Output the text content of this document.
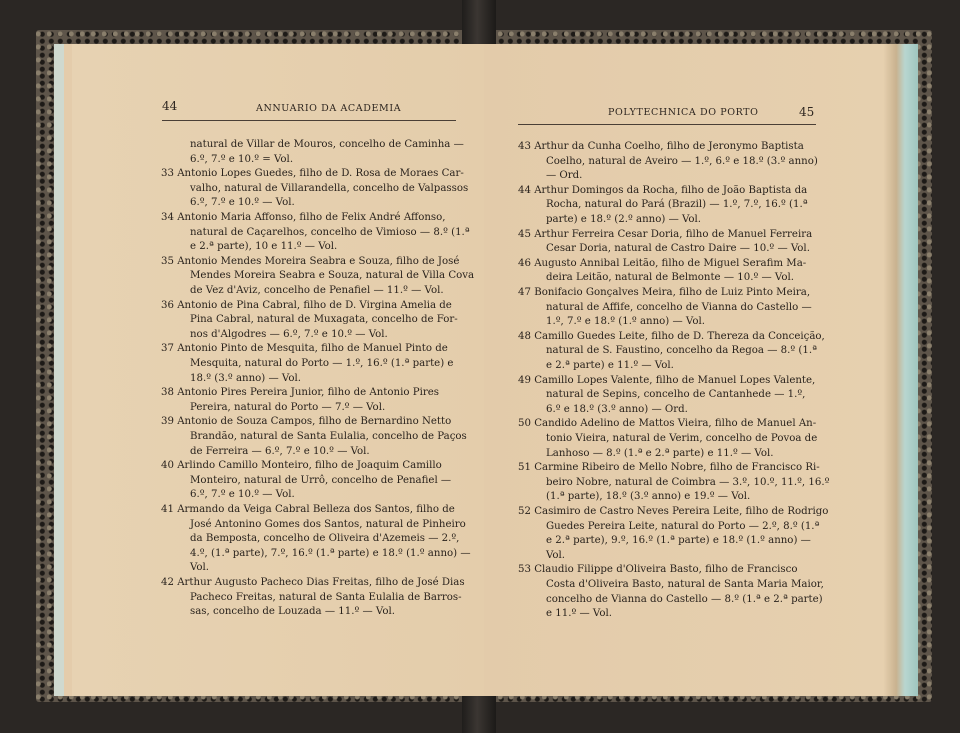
44	ANNUARIO DA ACADEMIA	POLYTECHNICA DO PORTO	45
natural de Villar de Mouros, concelho de Caminha —
6.º, 7.º e 10.º = Vol.
33 Antonio Lopes Guedes, filho de D. Rosa de Moraes Car-
valho, natural de Villarandella, concelho de Valpassos
6.º, 7.º e 10.º — Vol.
34 Antonio Maria Affonso, filho de Felix André Affonso,
natural de Caçarelhos, concelho de Vimioso — 8.º (1.ª
e 2.ª parte), 10 e 11.º — Vol.
35 Antonio Mendes Moreira Seabra e Souza, filho de José
Mendes Moreira Seabra e Souza, natural de Villa Cova
de Vez d'Aviz, concelho de Penafiel — 11.º — Vol.
36 Antonio de Pina Cabral, filho de D. Virgina Amelia de
Pina Cabral, natural de Muxagata, concelho de For-
nos d'Algodres — 6.º, 7.º e 10.º — Vol.
37 Antonio Pinto de Mesquita, filho de Manuel Pinto de
Mesquita, natural do Porto — 1.º, 16.º (1.ª parte) e
18.º (3.º anno) — Vol.
38 Antonio Pires Pereira Junior, filho de Antonio Pires
Pereira, natural do Porto — 7.º — Vol.
39 Antonio de Souza Campos, filho de Bernardino Netto
Brandão, natural de Santa Eulalia, concelho de Paços
de Ferreira — 6.º, 7.º e 10.º — Vol.
40 Arlindo Camillo Monteiro, filho de Joaquim Camillo
Monteiro, natural de Urrô, concelho de Penafiel —
6.º, 7.º e 10.º — Vol.
41 Armando da Veiga Cabral Belleza dos Santos, filho de
José Antonino Gomes dos Santos, natural de Pinheiro
da Bemposta, concelho de Oliveira d'Azemeis — 2.º,
4.º, (1.ª parte), 7.º, 16.º (1.ª parte) e 18.º (1.º anno) —
Vol.
42 Arthur Augusto Pacheco Dias Freitas, filho de José Dias
Pacheco Freitas, natural de Santa Eulalia de Barros-
sas, concelho de Louzada — 11.º — Vol.
43 Arthur da Cunha Coelho, filho de Jeronymo Baptista
Coelho, natural de Aveiro — 1.º, 6.º e 18.º (3.º anno)
— Ord.
44 Arthur Domingos da Rocha, filho de João Baptista da
Rocha, natural do Pará (Brazil) — 1.º, 7.º, 16.º (1.ª
parte) e 18.º (2.º anno) — Vol.
45 Arthur Ferreira Cesar Doria, filho de Manuel Ferreira
Cesar Doria, natural de Castro Daire — 10.º — Vol.
46 Augusto Annibal Leitão, filho de Miguel Serafim Ma-
deira Leitão, natural de Belmonte — 10.º — Vol.
47 Bonifacio Gonçalves Meira, filho de Luiz Pinto Meira,
natural de Affife, concelho de Vianna do Castello —
1.º, 7.º e 18.º (1.º anno) — Vol.
48 Camillo Guedes Leite, filho de D. Thereza da Conceição,
natural de S. Faustino, concelho da Regoa — 8.º (1.ª
e 2.ª parte) e 11.º — Vol.
49 Camillo Lopes Valente, filho de Manuel Lopes Valente,
natural de Sepins, concelho de Cantanhede — 1.º,
6.º e 18.º (3.º anno) — Ord.
50 Candido Adelino de Mattos Vieira, filho de Manuel An-
tonio Vieira, natural de Verim, concelho de Povoa de
Lanhoso — 8.º (1.ª e 2.ª parte) e 11.º — Vol.
51 Carmine Ribeiro de Mello Nobre, filho de Francisco Ri-
beiro Nobre, natural de Coimbra — 3.º, 10.º, 11.º, 16.º
(1.ª parte), 18.º (3.º anno) e 19.º — Vol.
52 Casimiro de Castro Neves Pereira Leite, filho de Rodrigo
Guedes Pereira Leite, natural do Porto — 2.º, 8.º (1.ª
e 2.ª parte), 9.º, 16.º (1.ª parte) e 18.º (1.º anno) —
Vol.
53 Claudio Filippe d'Oliveira Basto, filho de Francisco
Costa d'Oliveira Basto, natural de Santa Maria Maior,
concelho de Vianna do Castello — 8.º (1.ª e 2.ª parte)
e 11.º — Vol.
